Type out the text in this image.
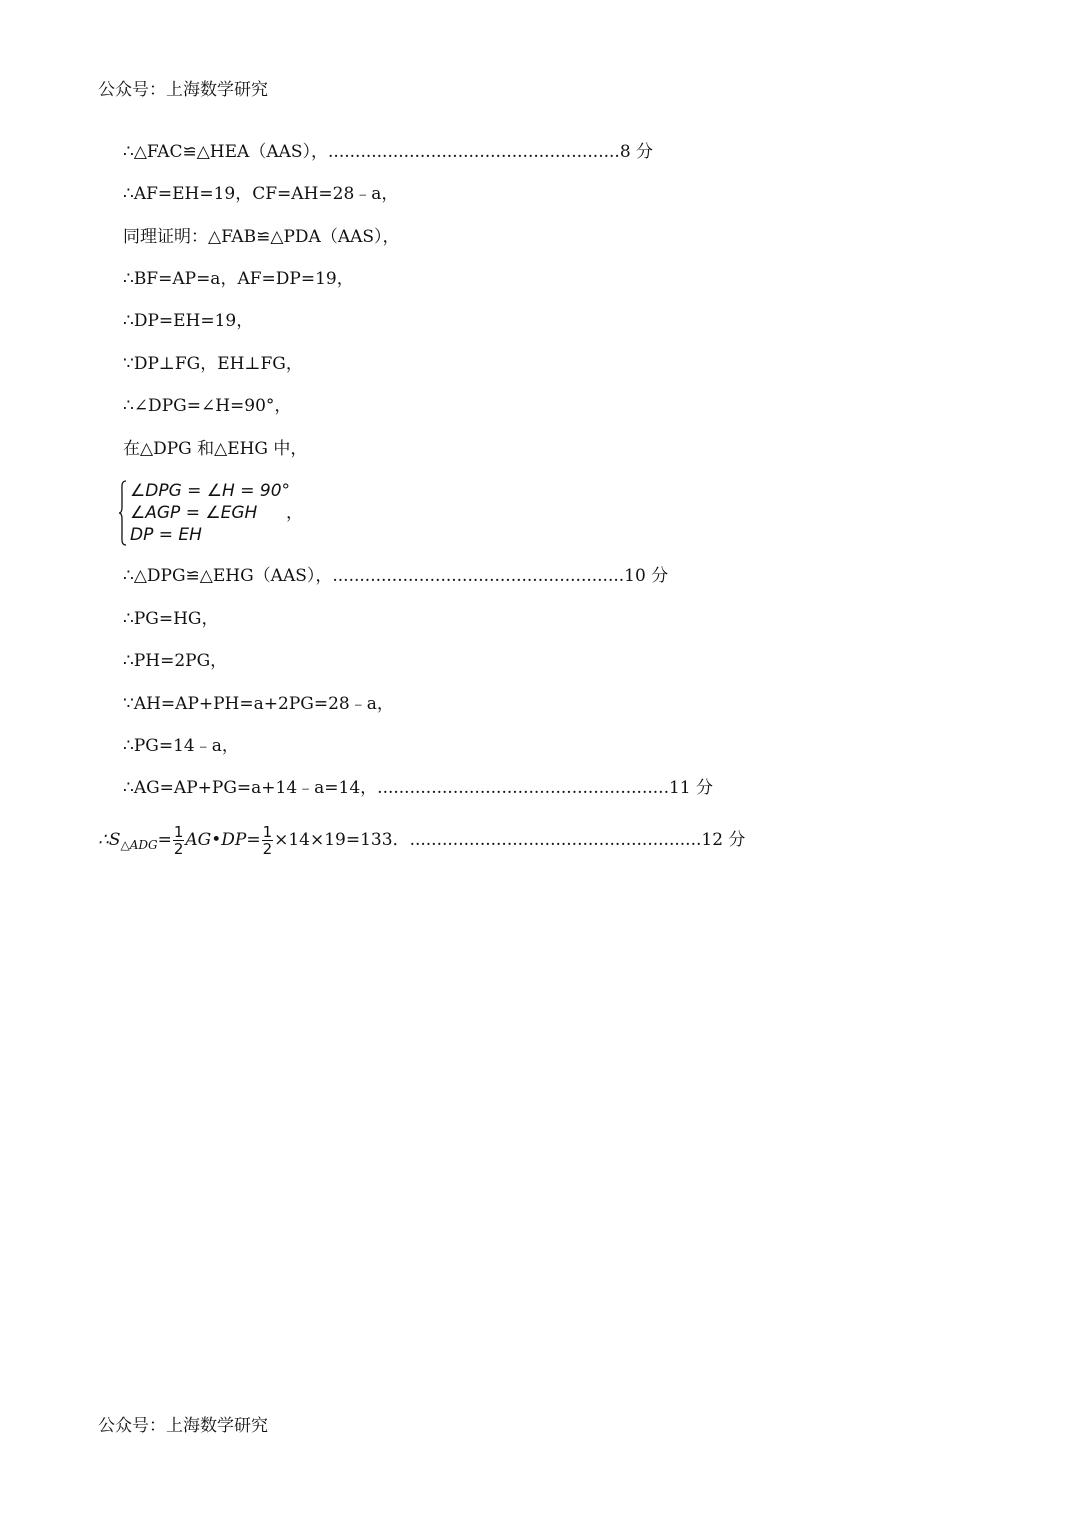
公众号：上海数学研究
∴△FAC≌△HEA（AAS），......................................................8 分
∴AF=EH=19，CF=AH=28﹣a，
同理证明：△FAB≌△PDA（AAS），
∴BF=AP=a，AF=DP=19，
∴DP=EH=19，
∵DP⊥FG，EH⊥FG，
∴∠DPG=∠H=90°，
在△DPG 和△EHG 中，
∠DPG = ∠H = 90°
∠AGP = ∠EGH
DP = EH
，
∴△DPG≌△EHG（AAS），......................................................10 分
∴PG=HG，
∴PH=2PG，
∵AH=AP+PH=a+2PG=28﹣a，
∴PG=14﹣a，
∴AG=AP+PG=a+14﹣a=14，......................................................11 分
$\therefore S_{\triangle ADG}= \frac{1}{2}$ AG•DP= $\frac{1}{2} \times 14\times 19=133$．......................................................12 分
公众号：上海数学研究
